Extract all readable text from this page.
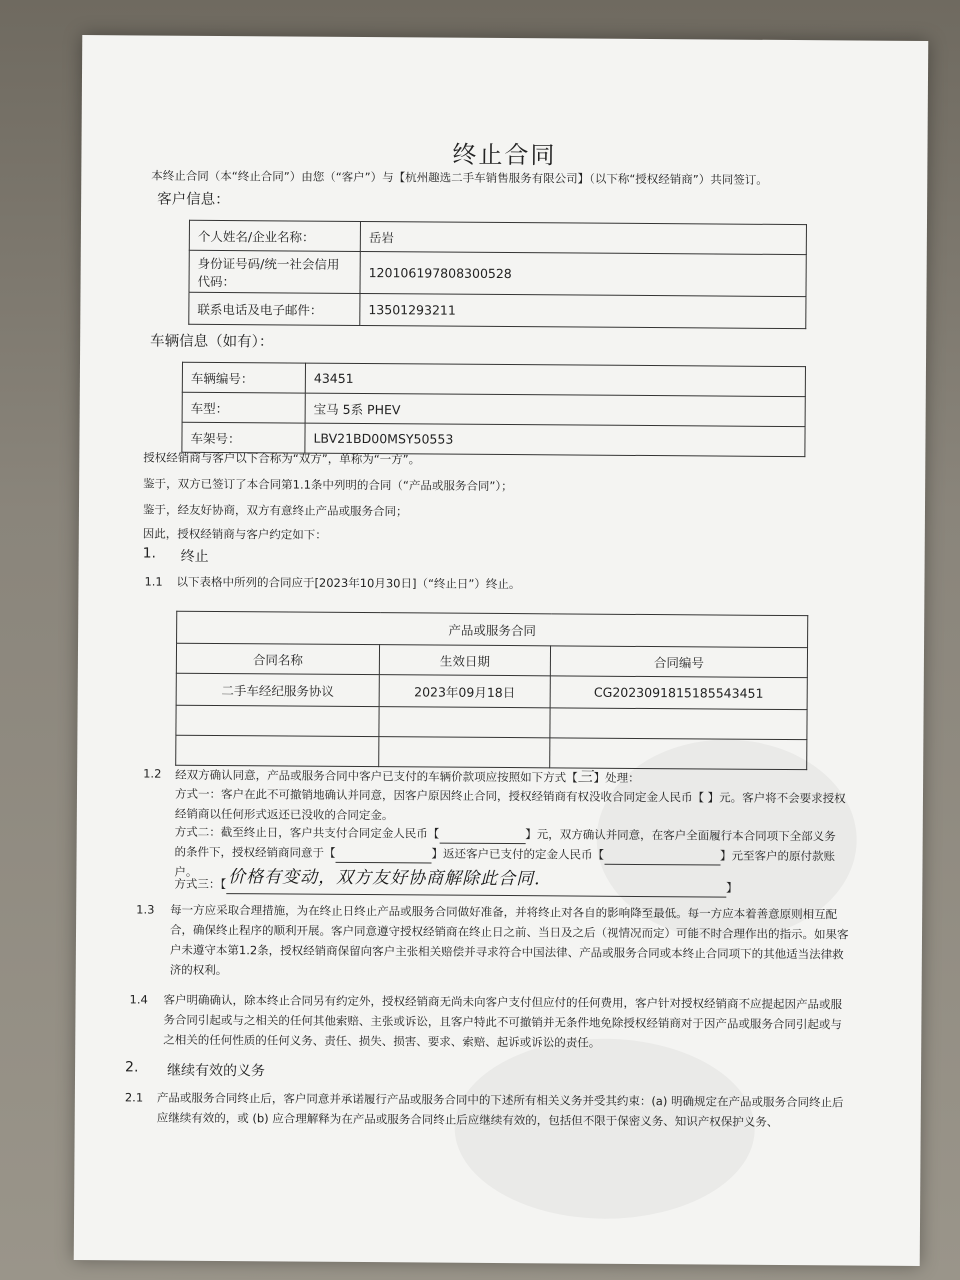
终止合同
本终止合同（本“终止合同”）由您（“客户”）与【杭州趣选二手车销售服务有限公司】（以下称“授权经销商”）共同签订。
客户信息：
个人姓名/企业名称：	岳岩
身份证号码/统一社会信用代码：	120106197808300528
联系电话及电子邮件：	13501293211
车辆信息（如有）：
车辆编号：	43451
车型：	宝马 5系 PHEV
车架号：	LBV21BD00MSY50553
授权经销商与客户以下合称为“双方”，单称为“一方”。
鉴于，双方已签订了本合同第1.1条中列明的合同（“产品或服务合同”）；
鉴于，经友好协商，双方有意终止产品或服务合同；
因此，授权经销商与客户约定如下：
1. 终止
1.1 以下表格中所列的合同应于[2023年10月30日]（“终止日”）终止。
产品或服务合同		
合同名称	生效日期	合同编号
二手车经纪服务协议	2023年09月18日	CG2023091815185543451

1.2 经双方确认同意，产品或服务合同中客户已支付的车辆价款项应按照如下方式【三】处理：
方式一：客户在此不可撤销地确认并同意，因客户原因终止合同，授权经销商有权没收合同定金人民币【 】元。客户将不会要求授权经销商以任何形式返还已没收的合同定金。
方式二：截至终止日，客户共支付合同定金人民币【	】元，双方确认并同意，在客户全面履行本合同项下全部义务的条件下，授权经销商同意于【	】返还客户已支付的定金人民币【	】元至客户的原付款账户。
方式三：【 价格有变动，双方友好协商解除此合同.	】
1.3 每一方应采取合理措施，为在终止日终止产品或服务合同做好准备，并将终止对各自的影响降至最低。每一方应本着善意原则相互配合，确保终止程序的顺利开展。客户同意遵守授权经销商在终止日之前、当日及之后（视情况而定）可能不时合理作出的指示。如果客户未遵守本第1.2条，授权经销商保留向客户主张相关赔偿并寻求符合中国法律、产品或服务合同或本终止合同项下的其他适当法律救济的权利。
1.4 客户明确确认，除本终止合同另有约定外，授权经销商无尚未向客户支付但应付的任何费用，客户针对授权经销商不应提起因产品或服务合同引起或与之相关的任何其他索赔、主张或诉讼，且客户特此不可撤销并无条件地免除授权经销商对于因产品或服务合同引起或与之相关的任何性质的任何义务、责任、损失、损害、要求、索赔、起诉或诉讼的责任。
2. 继续有效的义务
2.1 产品或服务合同终止后，客户同意并承诺履行产品或服务合同中的下述所有相关义务并受其约束：(a) 明确规定在产品或服务合同终止后应继续有效的，或 (b) 应合理解释为在产品或服务合同终止后应继续有效的，包括但不限于保密义务、知识产权保护义务、
